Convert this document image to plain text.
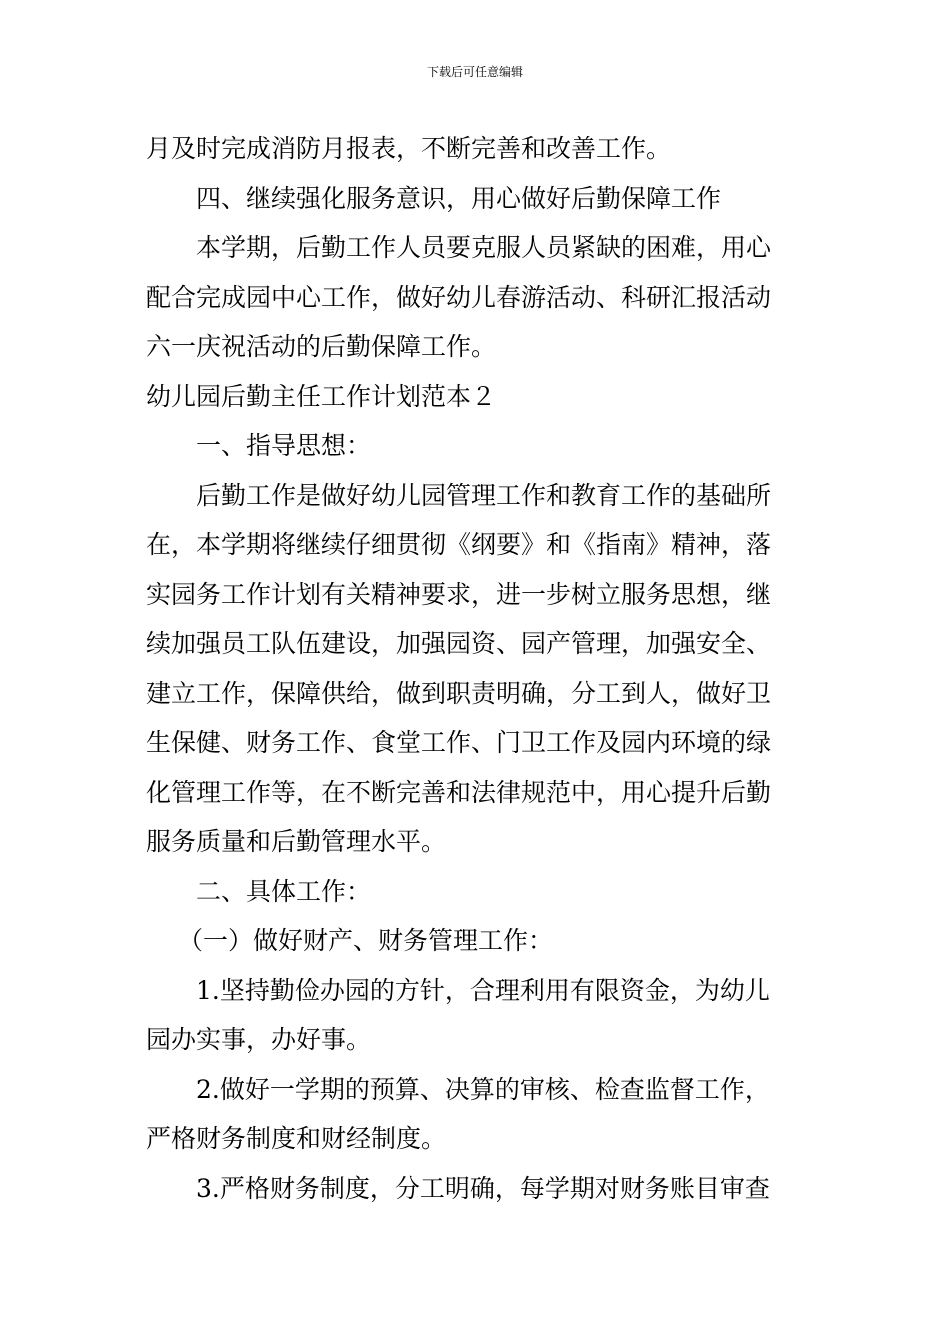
下载后可任意编辑

月及时完成消防月报表，不断完善和改善工作。

四、继续强化服务意识，用心做好后勤保障工作

本学期，后勤工作人员要克服人员紧缺的困难，用心
配合完成园中心工作，做好幼儿春游活动、科研汇报活动
六一庆祝活动的后勤保障工作。

幼儿园后勤主任工作计划范本２

一、指导思想：

后勤工作是做好幼儿园管理工作和教育工作的基础所
在，本学期将继续仔细贯彻《纲要》和《指南》精神，落
实园务工作计划有关精神要求，进一步树立服务思想，继
续加强员工队伍建设，加强园资、园产管理，加强安全、
建立工作，保障供给，做到职责明确，分工到人，做好卫
生保健、财务工作、食堂工作、门卫工作及园内环境的绿
化管理工作等，在不断完善和法律规范中，用心提升后勤
服务质量和后勤管理水平。

二、具体工作：

（一）做好财产、财务管理工作：

1.坚持勤俭办园的方针，合理利用有限资金，为幼儿
园办实事，办好事。

2.做好一学期的预算、决算的审核、检查监督工作，
严格财务制度和财经制度。

3.严格财务制度，分工明确，每学期对财务账目审查
